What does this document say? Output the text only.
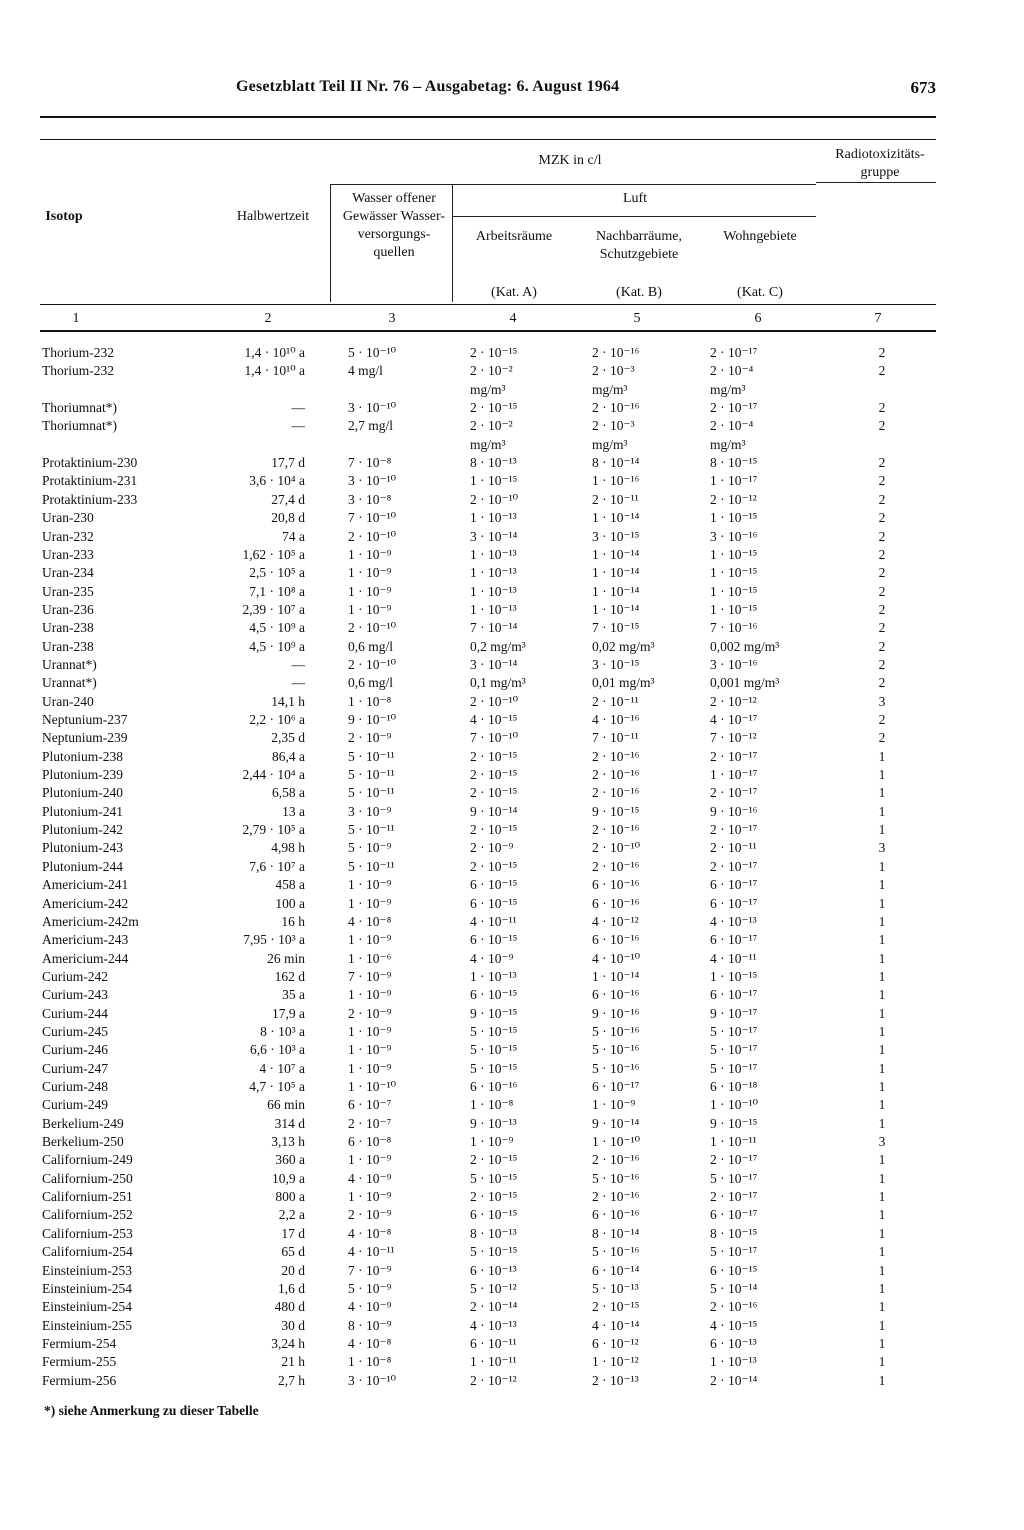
Gesetzblatt Teil II Nr. 76 – Ausgabetag: 6. August 1964	673
Isotop	Halbwertzeit
MZK in c/l
Wasser offener Gewässer Wasser- versorgungs- quellen
Luft
Arbeitsräume	Nachbarräume, Schutzgebiete
Wohngebiete
(Kat. A)	(Kat. B)	(Kat. C)
Radiotoxizitäts- gruppe
1	2	3	4	5	6	7
Thorium-232	1,4 · 10¹⁰ a	5 · 10⁻¹⁰	2 · 10⁻¹⁵	2 · 10⁻¹⁶	2 · 10⁻¹⁷	2
Thorium-232	1,4 · 10¹⁰ a	4 mg/l	2 · 10⁻²	2 · 10⁻³	2 · 10⁻⁴	2
mg/m³	mg/m³	mg/m³
Thoriumnat*)	—	3 · 10⁻¹⁰	2 · 10⁻¹⁵	2 · 10⁻¹⁶	2 · 10⁻¹⁷	2
Thoriumnat*)	—	2,7 mg/l	2 · 10⁻²	2 · 10⁻³	2 · 10⁻⁴	2
mg/m³	mg/m³	mg/m³
Protaktinium-230	17,7 d	7 · 10⁻⁸	8 · 10⁻¹³	8 · 10⁻¹⁴	8 · 10⁻¹⁵	2
Protaktinium-231	3,6 · 10⁴ a	3 · 10⁻¹⁰	1 · 10⁻¹⁵	1 · 10⁻¹⁶	1 · 10⁻¹⁷	2
Protaktinium-233	27,4 d	3 · 10⁻⁸	2 · 10⁻¹⁰	2 · 10⁻¹¹	2 · 10⁻¹²	2
Uran-230	20,8 d	7 · 10⁻¹⁰	1 · 10⁻¹³	1 · 10⁻¹⁴	1 · 10⁻¹⁵	2
Uran-232	74 a	2 · 10⁻¹⁰	3 · 10⁻¹⁴	3 · 10⁻¹⁵	3 · 10⁻¹⁶	2
Uran-233	1,62 · 10⁵ a	1 · 10⁻⁹	1 · 10⁻¹³	1 · 10⁻¹⁴	1 · 10⁻¹⁵	2
Uran-234	2,5 · 10⁵ a	1 · 10⁻⁹	1 · 10⁻¹³	1 · 10⁻¹⁴	1 · 10⁻¹⁵	2
Uran-235	7,1 · 10⁸ a	1 · 10⁻⁹	1 · 10⁻¹³	1 · 10⁻¹⁴	1 · 10⁻¹⁵	2
Uran-236	2,39 · 10⁷ a	1 · 10⁻⁹	1 · 10⁻¹³	1 · 10⁻¹⁴	1 · 10⁻¹⁵	2
Uran-238	4,5 · 10⁹ a	2 · 10⁻¹⁰	7 · 10⁻¹⁴	7 · 10⁻¹⁵	7 · 10⁻¹⁶	2
Uran-238	4,5 · 10⁹ a	0,6 mg/l	0,2 mg/m³	0,02 mg/m³	0,002 mg/m³	2
Urannat*)	—	2 · 10⁻¹⁰	3 · 10⁻¹⁴	3 · 10⁻¹⁵	3 · 10⁻¹⁶	2
Urannat*)	—	0,6 mg/l	0,1 mg/m³	0,01 mg/m³	0,001 mg/m³	2
Uran-240	14,1 h	1 · 10⁻⁸	2 · 10⁻¹⁰	2 · 10⁻¹¹	2 · 10⁻¹²	3
Neptunium-237	2,2 · 10⁶ a	9 · 10⁻¹⁰	4 · 10⁻¹⁵	4 · 10⁻¹⁶	4 · 10⁻¹⁷	2
Neptunium-239	2,35 d	2 · 10⁻⁹	7 · 10⁻¹⁰	7 · 10⁻¹¹	7 · 10⁻¹²	2
Plutonium-238	86,4 a	5 · 10⁻¹¹	2 · 10⁻¹⁵	2 · 10⁻¹⁶	2 · 10⁻¹⁷	1
Plutonium-239	2,44 · 10⁴ a	5 · 10⁻¹¹	2 · 10⁻¹⁵	2 · 10⁻¹⁶	1 · 10⁻¹⁷	1
Plutonium-240	6,58 a	5 · 10⁻¹¹	2 · 10⁻¹⁵	2 · 10⁻¹⁶	2 · 10⁻¹⁷	1
Plutonium-241	13 a	3 · 10⁻⁹	9 · 10⁻¹⁴	9 · 10⁻¹⁵	9 · 10⁻¹⁶	1
Plutonium-242	2,79 · 10⁵ a	5 · 10⁻¹¹	2 · 10⁻¹⁵	2 · 10⁻¹⁶	2 · 10⁻¹⁷	1
Plutonium-243	4,98 h	5 · 10⁻⁹	2 · 10⁻⁹	2 · 10⁻¹⁰	2 · 10⁻¹¹	3
Plutonium-244	7,6 · 10⁷ a	5 · 10⁻¹¹	2 · 10⁻¹⁵	2 · 10⁻¹⁶	2 · 10⁻¹⁷	1
Americium-241	458 a	1 · 10⁻⁹	6 · 10⁻¹⁵	6 · 10⁻¹⁶	6 · 10⁻¹⁷	1
Americium-242	100 a	1 · 10⁻⁹	6 · 10⁻¹⁵	6 · 10⁻¹⁶	6 · 10⁻¹⁷	1
Americium-242m	16 h	4 · 10⁻⁸	4 · 10⁻¹¹	4 · 10⁻¹²	4 · 10⁻¹³	1
Americium-243	7,95 · 10³ a	1 · 10⁻⁹	6 · 10⁻¹⁵	6 · 10⁻¹⁶	6 · 10⁻¹⁷	1
Americium-244	26 min	1 · 10⁻⁶	4 · 10⁻⁹	4 · 10⁻¹⁰	4 · 10⁻¹¹	1
Curium-242	162 d	7 · 10⁻⁹	1 · 10⁻¹³	1 · 10⁻¹⁴	1 · 10⁻¹⁵	1
Curium-243	35 a	1 · 10⁻⁹	6 · 10⁻¹⁵	6 · 10⁻¹⁶	6 · 10⁻¹⁷	1
Curium-244	17,9 a	2 · 10⁻⁹	9 · 10⁻¹⁵	9 · 10⁻¹⁶	9 · 10⁻¹⁷	1
Curium-245	8 · 10³ a	1 · 10⁻⁹	5 · 10⁻¹⁵	5 · 10⁻¹⁶	5 · 10⁻¹⁷	1
Curium-246	6,6 · 10³ a	1 · 10⁻⁹	5 · 10⁻¹⁵	5 · 10⁻¹⁶	5 · 10⁻¹⁷	1
Curium-247	4 · 10⁷ a	1 · 10⁻⁹	5 · 10⁻¹⁵	5 · 10⁻¹⁶	5 · 10⁻¹⁷	1
Curium-248	4,7 · 10⁵ a	1 · 10⁻¹⁰	6 · 10⁻¹⁶	6 · 10⁻¹⁷	6 · 10⁻¹⁸	1
Curium-249	66 min	6 · 10⁻⁷	1 · 10⁻⁸	1 · 10⁻⁹	1 · 10⁻¹⁰	1
Berkelium-249	314 d	2 · 10⁻⁷	9 · 10⁻¹³	9 · 10⁻¹⁴	9 · 10⁻¹⁵	1
Berkelium-250	3,13 h	6 · 10⁻⁸	1 · 10⁻⁹	1 · 10⁻¹⁰	1 · 10⁻¹¹	3
Californium-249	360 a	1 · 10⁻⁹	2 · 10⁻¹⁵	2 · 10⁻¹⁶	2 · 10⁻¹⁷	1
Californium-250	10,9 a	4 · 10⁻⁹	5 · 10⁻¹⁵	5 · 10⁻¹⁶	5 · 10⁻¹⁷	1
Californium-251	800 a	1 · 10⁻⁹	2 · 10⁻¹⁵	2 · 10⁻¹⁶	2 · 10⁻¹⁷	1
Californium-252	2,2 a	2 · 10⁻⁹	6 · 10⁻¹⁵	6 · 10⁻¹⁶	6 · 10⁻¹⁷	1
Californium-253	17 d	4 · 10⁻⁸	8 · 10⁻¹³	8 · 10⁻¹⁴	8 · 10⁻¹⁵	1
Californium-254	65 d	4 · 10⁻¹¹	5 · 10⁻¹⁵	5 · 10⁻¹⁶	5 · 10⁻¹⁷	1
Einsteinium-253	20 d	7 · 10⁻⁹	6 · 10⁻¹³	6 · 10⁻¹⁴	6 · 10⁻¹⁵	1
Einsteinium-254	1,6 d	5 · 10⁻⁹	5 · 10⁻¹²	5 · 10⁻¹³	5 · 10⁻¹⁴	1
Einsteinium-254	480 d	4 · 10⁻⁹	2 · 10⁻¹⁴	2 · 10⁻¹⁵	2 · 10⁻¹⁶	1
Einsteinium-255	30 d	8 · 10⁻⁹	4 · 10⁻¹³	4 · 10⁻¹⁴	4 · 10⁻¹⁵	1
Fermium-254	3,24 h	4 · 10⁻⁸	6 · 10⁻¹¹	6 · 10⁻¹²	6 · 10⁻¹³	1
Fermium-255	21 h	1 · 10⁻⁸	1 · 10⁻¹¹	1 · 10⁻¹²	1 · 10⁻¹³	1
Fermium-256	2,7 h	3 · 10⁻¹⁰	2 · 10⁻¹²	2 · 10⁻¹³	2 · 10⁻¹⁴	1
*) siehe Anmerkung zu dieser Tabelle
